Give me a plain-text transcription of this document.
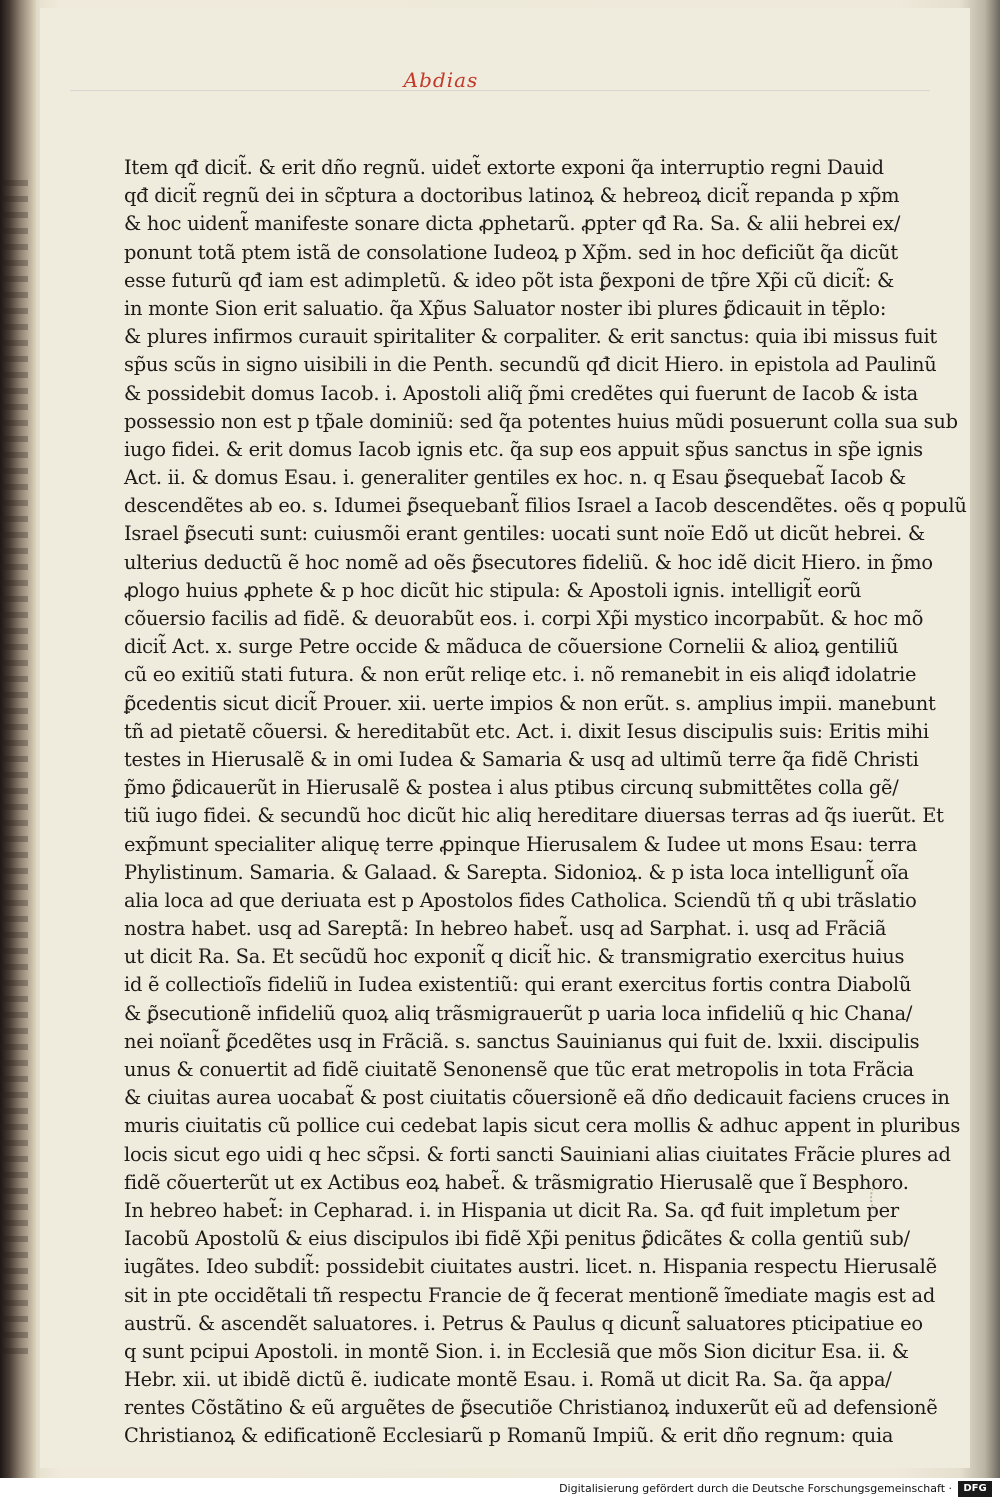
Abdias
Item qđ dicit̃. & erit dño regnũ. uidet̃ extorte exponi q̃a interruptio regni Dauid
qđ dicit̃ regnũ dei in sc̃ptura a doctoribus latinoꝝ & hebreoꝝ dicit̃ repanda p xp̃m
& hoc uident̃ manifeste sonare dicta ꝓphetarũ. ꝓpter qđ Ra. Sa. & alii hebrei ex/
ponunt totã ptem istã de consolatione Iudeoꝝ p Xp̃m. sed in hoc deficiũt q̃a dicũt
esse futurũ qđ iam est adimpletũ. & ideo põt ista ꝑ̃exponi de tp̃re Xp̃i cũ dicit̃: &
in monte Sion erit saluatio. q̃a Xp̃us Saluator noster ibi plures ꝑ̃dicauit in tẽplo:
& plures infirmos curauit spiritaliter & corpaliter. & erit sanctus: quia ibi missus fuit
sp̃us scũs in signo uisibili in die Penth. secundũ qđ dicit Hiero. in epistola ad Paulinũ
& possidebit domus Iacob. i. Apostoli aliq̃ p̃mi credẽtes qui fuerunt de Iacob & ista
possessio non est p tp̃ale dominiũ: sed q̃a potentes huius mũdi posuerunt colla sua sub
iugo fidei. & erit domus Iacob ignis etc. q̃a sup eos appuit sp̃us sanctus in sp̃e ignis
Act. ii. & domus Esau. i. generaliter gentiles ex hoc. n. q Esau ꝑ̃sequebat̃ Iacob &
descendẽtes ab eo. s. Idumei ꝑ̃sequebant̃ filios Israel a Iacob descendẽtes. oẽs q populũ
Israel ꝑ̃secuti sunt: cuiusmõi erant gentiles: uocati sunt noïe Edõ ut dicũt hebrei. &
ulterius deductũ ẽ hoc nomẽ ad oẽs ꝑ̃secutores fideliũ. & hoc idẽ dicit Hiero. in p̃mo
ꝓlogo huius ꝓphete & p hoc dicũt hic stipula: & Apostoli ignis. intelligit̃ eorũ
cõuersio facilis ad fidẽ. & deuorabũt eos. i. corpi Xp̃i mystico incorpabũt. & hoc mõ
dicit̃ Act. x. surge Petre occide & mãduca de cõuersione Cornelii & alioꝝ gentiliũ
cũ eo exitiũ stati futura. & non erũt reliqe etc. i. nõ remanebit in eis aliqđ idolatrie
ꝑ̃cedentis sicut dicit̃ Prouer. xii. uerte impios & non erũt. s. amplius impii. manebunt
tñ ad pietatẽ cõuersi. & hereditabũt etc. Act. i. dixit Iesus discipulis suis: Eritis mihi
testes in Hierusalẽ & in omi Iudea & Samaria & usq ad ultimũ terre q̃a fidẽ Christi
p̃mo ꝑ̃dicauerũt in Hierusalẽ & postea i alus ptibus circunq submittẽtes colla gẽ/
tiũ iugo fidei. & secundũ hoc dicũt hic aliq hereditare diuersas terras ad q̃s iuerũt. Et
exp̃munt specialiter aliquę terre ꝓpinque Hierusalem & Iudee ut mons Esau: terra
Phylistinum. Samaria. & Galaad. & Sarepta. Sidonioꝝ. & p ista loca intelligunt̃ oĩa
alia loca ad que deriuata est p Apostolos fides Catholica. Sciendũ tñ q ubi trãslatio
nostra habet. usq ad Sareptã: In hebreo habet̃. usq ad Sarphat. i. usq ad Frãciã
ut dicit Ra. Sa. Et secũdũ hoc exponit̃ q dicit̃ hic. & transmigratio exercitus huius
id ẽ collectioĩs fideliũ in Iudea existentiũ: qui erant exercitus fortis contra Diabolũ
& ꝑ̃secutionẽ infideliũ quoꝝ aliq trãsmigrauerũt p uaria loca infideliũ q hic Chana/
nei noïant̃ ꝑ̃cedẽtes usq in Frãciã. s. sanctus Sauinianus qui fuit de. lxxii. discipulis
unus & conuertit ad fidẽ ciuitatẽ Senonensẽ que tũc erat metropolis in tota Frãcia
& ciuitas aurea uocabat̃ & post ciuitatis cõuersionẽ eã dño dedicauit faciens cruces in
muris ciuitatis cũ pollice cui cedebat lapis sicut cera mollis & adhuc appent in pluribus
locis sicut ego uidi q hec sc̃psi. & forti sancti Sauiniani alias ciuitates Frãcie plures ad
fidẽ cõuerterũt ut ex Actibus eoꝝ habet̃. & trãsmigratio Hierusalẽ que ĩ Besphoro.
In hebreo habet̃: in Cepharad. i. in Hispania ut dicit Ra. Sa. qđ fuit impletum per
Iacobũ Apostolũ & eius discipulos ibi fidẽ Xp̃i penitus ꝑ̃dicãtes & colla gentiũ sub/
iugãtes. Ideo subdit̃: possidebit ciuitates austri. licet. n. Hispania respectu Hierusalẽ
sit in pte occidẽtali tñ respectu Francie de q̃ fecerat mentionẽ ĩmediate magis est ad
austrũ. & ascendẽt saluatores. i. Petrus & Paulus q dicunt̃ saluatores pticipatiue eo
q sunt pcipui Apostoli. in montẽ Sion. i. in Ecclesiã que mõs Sion dicitur Esa. ii. &
Hebr. xii. ut ibidẽ dictũ ẽ. iudicate montẽ Esau. i. Romã ut dicit Ra. Sa. q̃a appa/
rentes Cõstãtino & eũ arguẽtes de ꝑ̃secutiõe Christianoꝝ induxerũt eũ ad defensionẽ
Christianoꝝ & edificationẽ Ecclesiarũ p Romanũ Impiũ. & erit dño regnum: quia
Digitalisierung gefördert durch die Deutsche Forschungsgemeinschaft ·	DFG
